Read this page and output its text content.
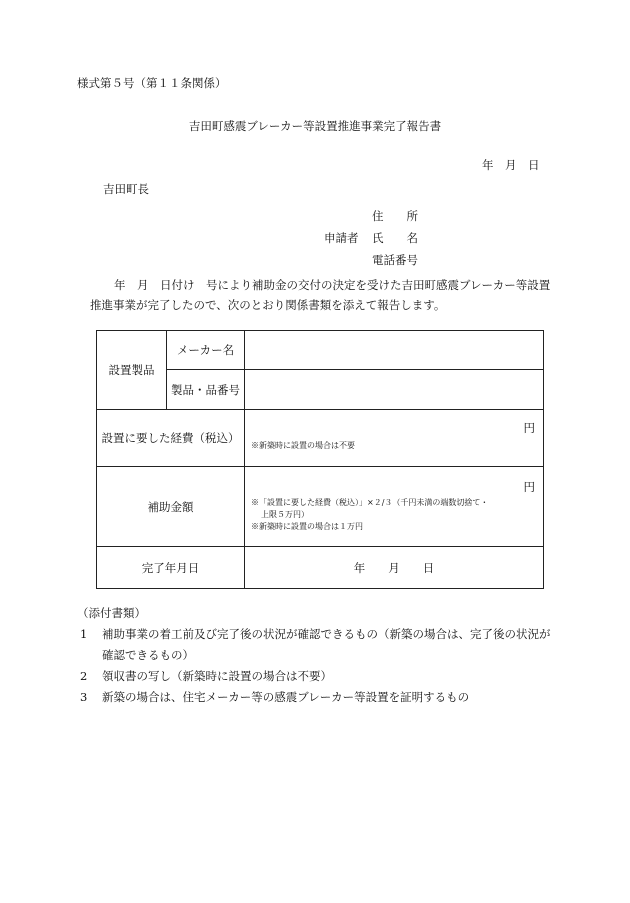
様式第５号（第１１条関係）
吉田町感震ブレーカー等設置推進事業完了報告書
年　月　日
吉田町長
住　　所
申請者 氏　　名
電話番号
年　月　日付け　号により補助金の交付の決定を受けた吉田町感震ブレーカー等設置推進事業が完了したので、次のとおり関係書類を添えて報告します。
設置製品	メーカー名	
	製品・品番号	
設置に要した経費（税込）		円
※新築時に設置の場合は不要

補助金額		円
※「設置に要した経費（税込）」×２/３（千円未満の端数切捨て・
上限５万円）
※新築時に設置の場合は１万円

完了年月日		年　　月　　日
（添付書類）
1 補助事業の着工前及び完了後の状況が確認できるもの（新築の場合は、完了後の状況が確認できるもの）
2 領収書の写し（新築時に設置の場合は不要）
3 新築の場合は、住宅メーカー等の感震ブレーカー等設置を証明するもの
